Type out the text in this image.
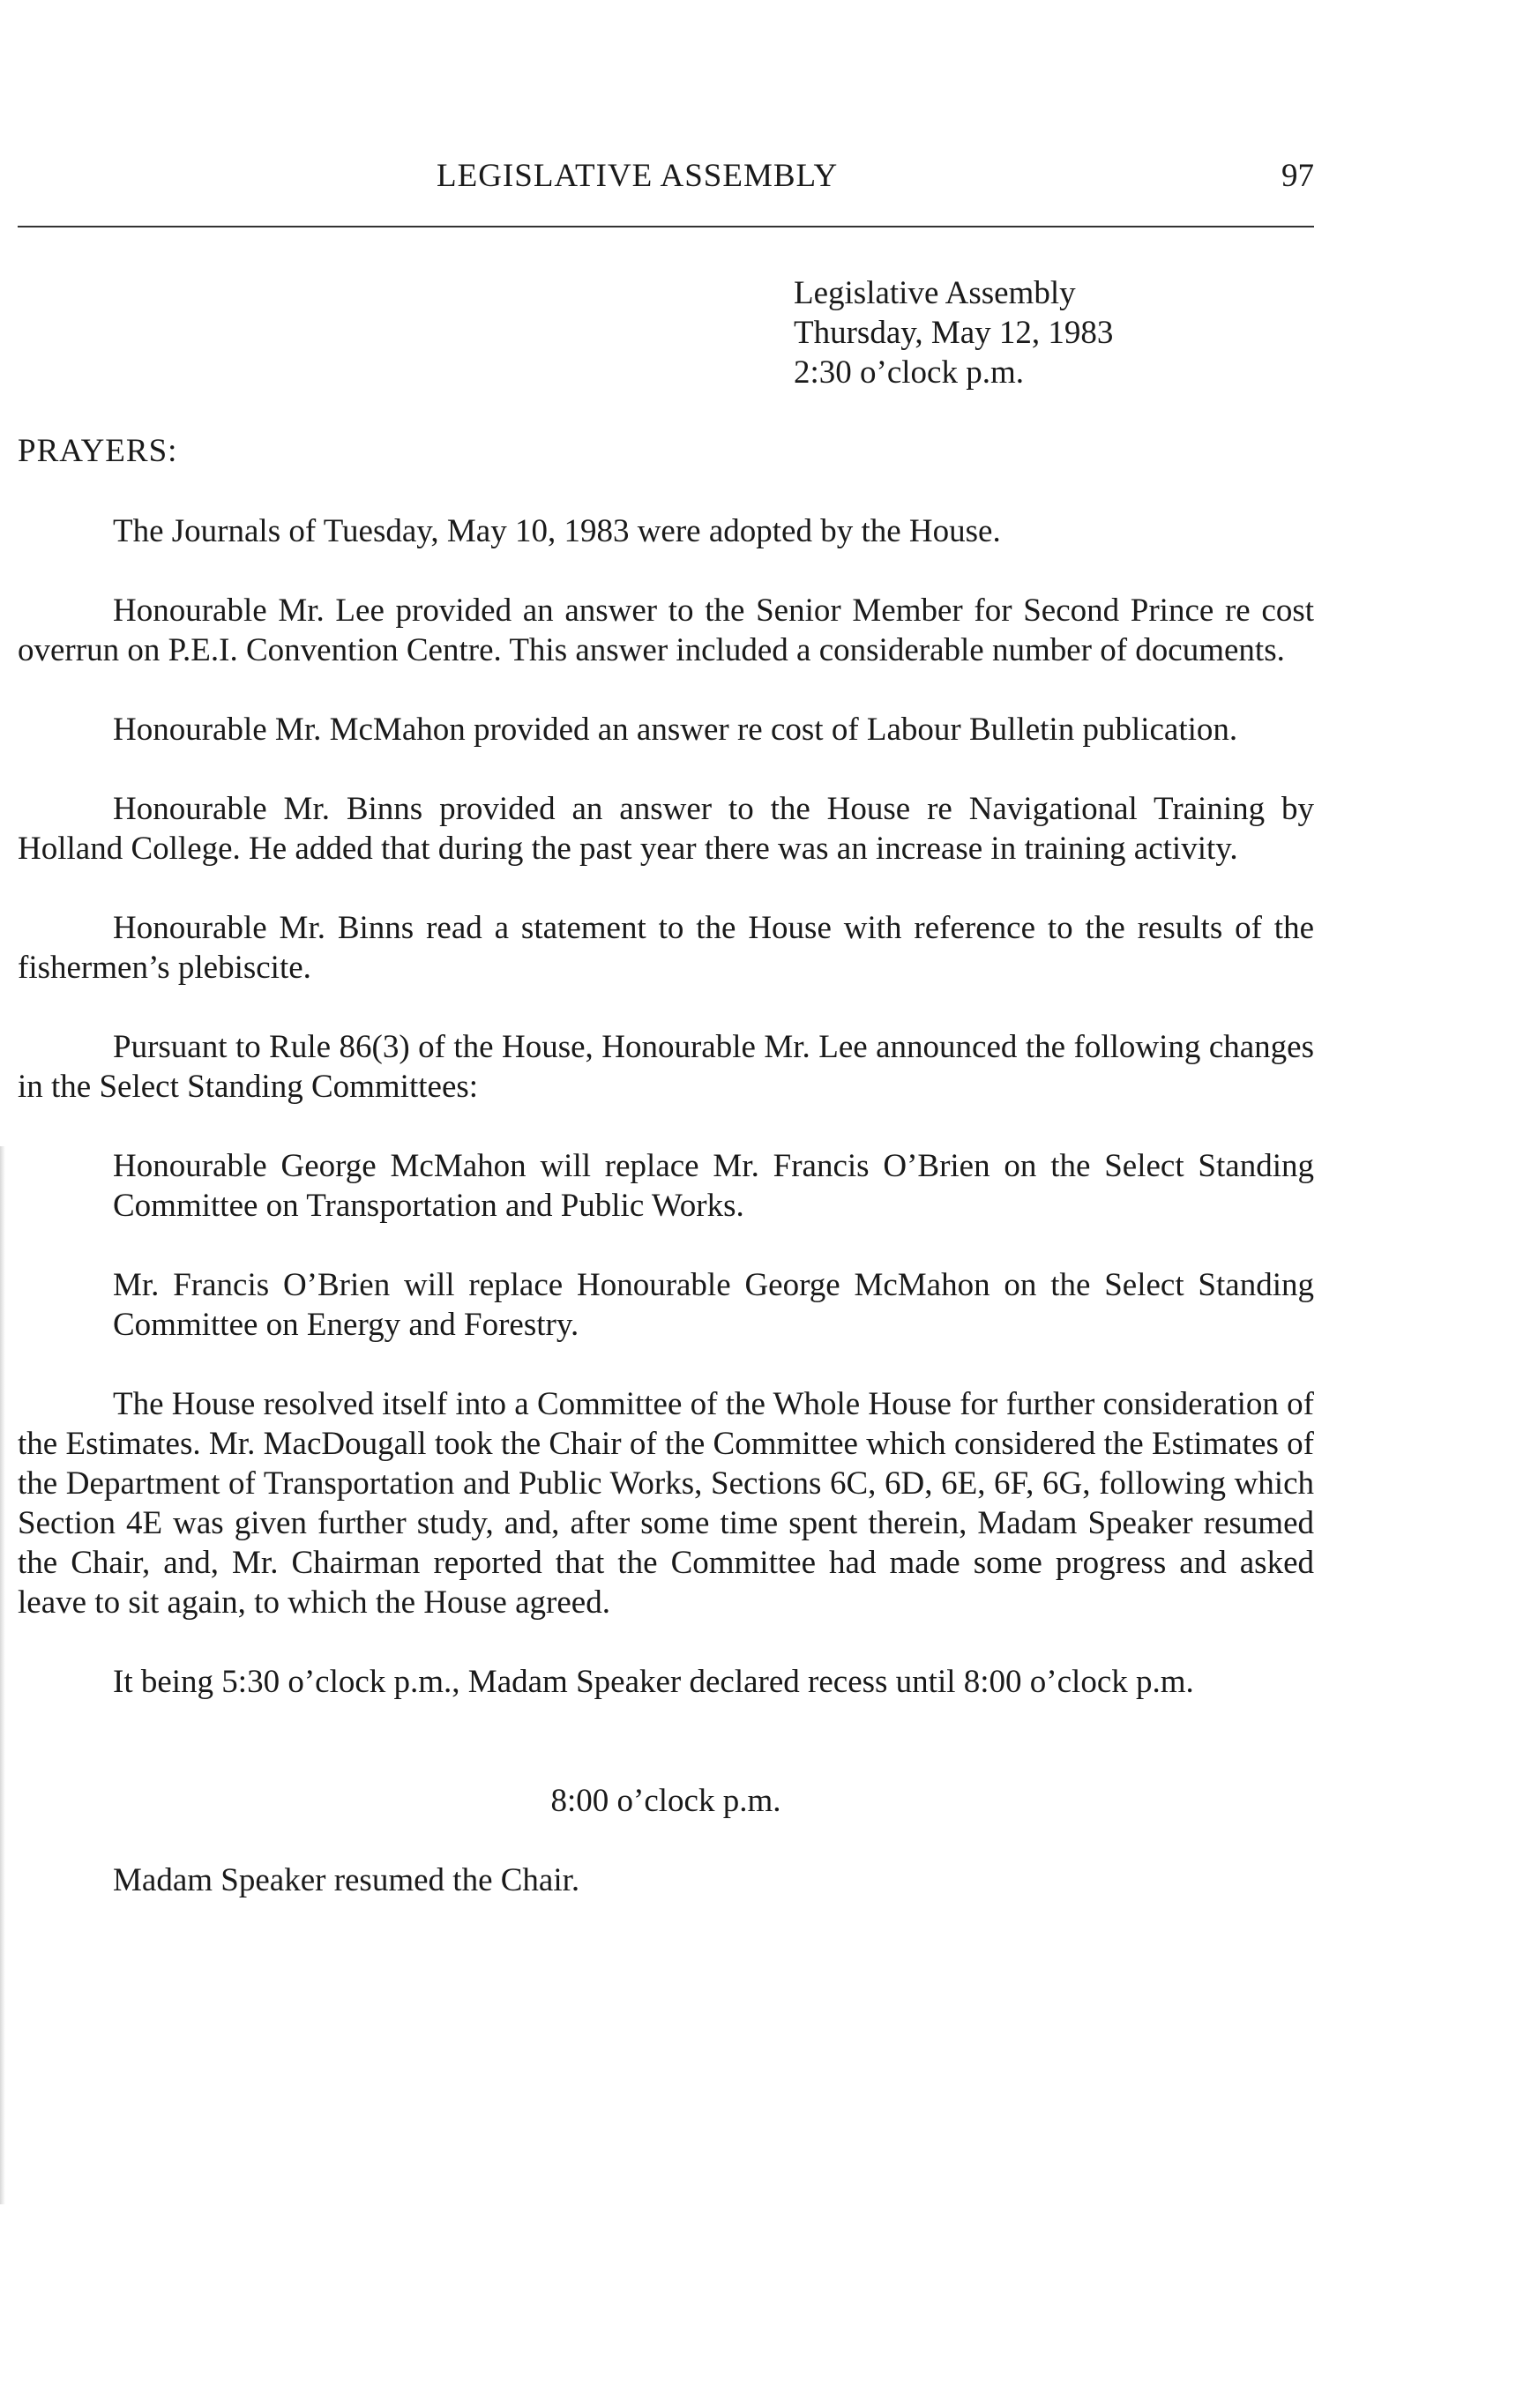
LEGISLATIVE ASSEMBLY	97
Legislative Assembly
Thursday, May 12, 1983
2:30 o’clock p.m.
PRAYERS:

The Journals of Tuesday, May 10, 1983 were adopted by the House.

Honourable Mr. Lee provided an answer to the Senior Member for Second Prince re cost overrun on P.E.I. Convention Centre. This answer included a considerable number of documents.

Honourable Mr. McMahon provided an answer re cost of Labour Bulletin publication.

Honourable Mr. Binns provided an answer to the House re Navigational Training by Holland College. He added that during the past year there was an increase in training activity.

Honourable Mr. Binns read a statement to the House with reference to the results of the fishermen’s plebiscite.

Pursuant to Rule 86(3) of the House, Honourable Mr. Lee announced the following changes in the Select Standing Committees:

Honourable George McMahon will replace Mr. Francis O’Brien on the Select Standing Committee on Transportation and Public Works.

Mr. Francis O’Brien will replace Honourable George McMahon on the Select Standing Committee on Energy and Forestry.

The House resolved itself into a Committee of the Whole House for further consideration of the Estimates. Mr. MacDougall took the Chair of the Committee which considered the Estimates of the Department of Transportation and Public Works, Sections 6C, 6D, 6E, 6F, 6G, following which Section 4E was given further study, and, after some time spent therein, Madam Speaker resumed the Chair, and, Mr. Chairman reported that the Committee had made some progress and asked leave to sit again, to which the House agreed.

It being 5:30 o’clock p.m., Madam Speaker declared recess until 8:00 o’clock p.m.

8:00 o’clock p.m.

Madam Speaker resumed the Chair.
